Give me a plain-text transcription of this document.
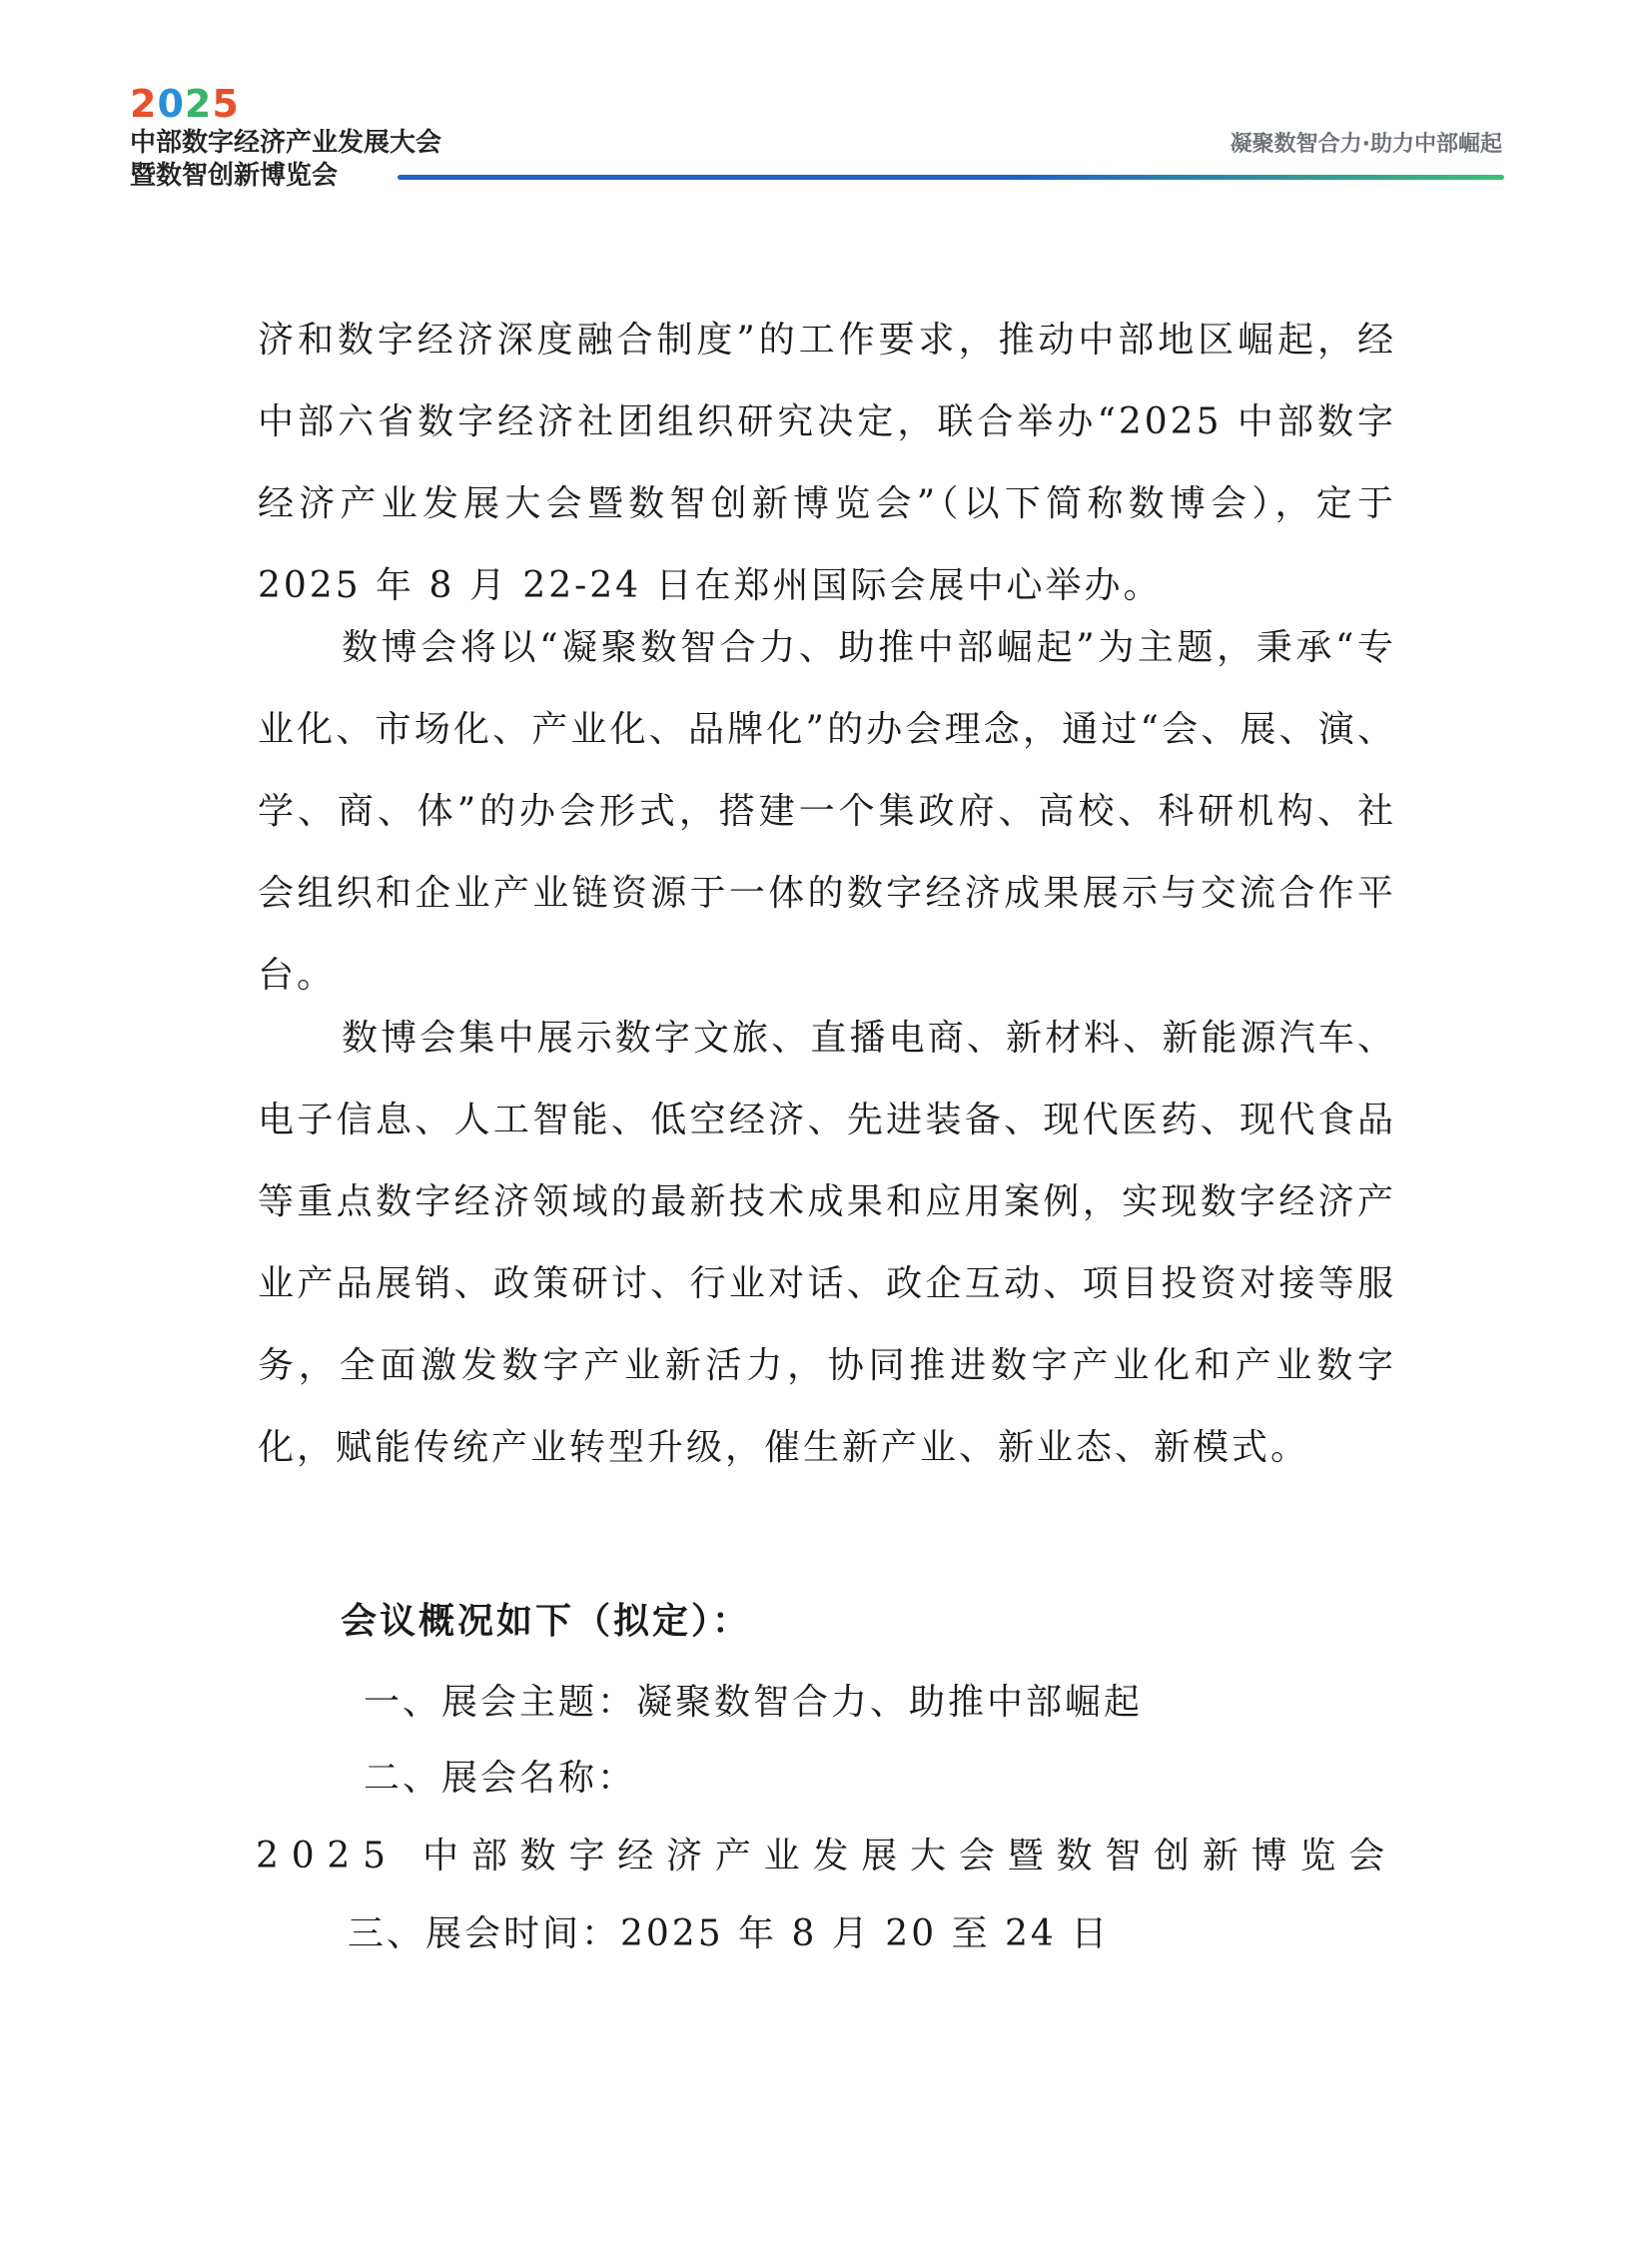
2025
中部数字经济产业发展大会
暨数智创新博览会
凝聚数智合力·助力中部崛起
济和数字经济深度融合制度”的工作要求，推动中部地区崛起，经中部六省数字经济社团组织研究决定，联合举办“2025 中部数字经济产业发展大会暨数智创新博览会”（以下简称数博会），定于 2025 年 8 月 22-24 日在郑州国际会展中心举办。
数博会将以“凝聚数智合力、助推中部崛起”为主题，秉承“专业化、市场化、产业化、品牌化”的办会理念，通过“会、展、演、学、商、体”的办会形式，搭建一个集政府、高校、科研机构、社会组织和企业产业链资源于一体的数字经济成果展示与交流合作平台。
数博会集中展示数字文旅、直播电商、新材料、新能源汽车、电子信息、人工智能、低空经济、先进装备、现代医药、现代食品等重点数字经济领域的最新技术成果和应用案例，实现数字经济产业产品展销、政策研讨、行业对话、政企互动、项目投资对接等服务，全面激发数字产业新活力，协同推进数字产业化和产业数字化，赋能传统产业转型升级，催生新产业、新业态、新模式。
会议概况如下（拟定）：
一、展会主题：凝聚数智合力、助推中部崛起
二、展会名称：
2025 中部数字经济产业发展大会暨数智创新博览会
三、展会时间：2025 年 8 月 20 至 24 日
